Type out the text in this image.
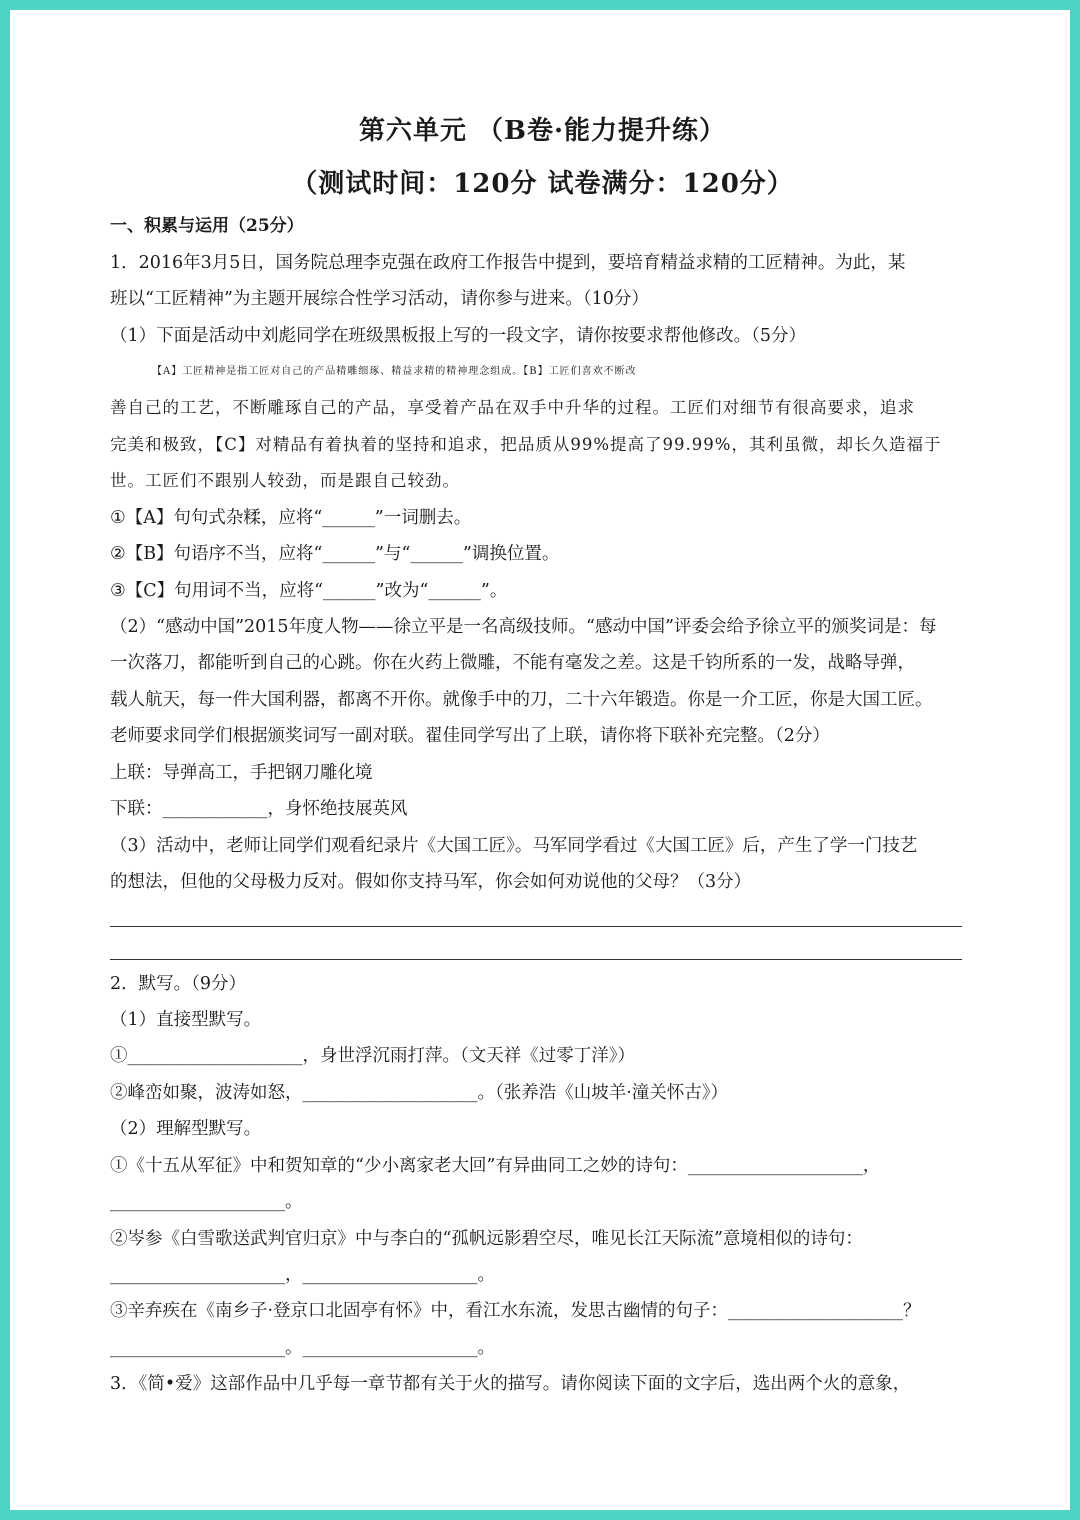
第六单元 （B卷·能力提升练）
（测试时间：120分 试卷满分：120分）
一、积累与运用（25分）
1．2016年3月5日，国务院总理李克强在政府工作报告中提到，要培育精益求精的工匠精神。为此，某
班以“工匠精神”为主题开展综合性学习活动，请你参与进来。（10分）
（1）下面是活动中刘彪同学在班级黑板报上写的一段文字，请你按要求帮他修改。（5分）
【A】工匠精神是指工匠对自己的产品精雕细琢、精益求精的精神理念组成。【B】工匠们喜欢不断改
善自己的工艺，不断雕琢自己的产品，享受着产品在双手中升华的过程。工匠们对细节有很高要求，追求
完美和极致，【C】对精品有着执着的坚持和追求，把品质从99%提高了99.99%，其利虽微，却长久造福于
世。工匠们不跟别人较劲，而是跟自己较劲。
①【A】句句式杂糅，应将“______”一词删去。
②【B】句语序不当，应将“______”与“______”调换位置。
③【C】句用词不当，应将“______”改为“______”。
（2）“感动中国”2015年度人物——徐立平是一名高级技师。“感动中国”评委会给予徐立平的颁奖词是：每
一次落刀，都能听到自己的心跳。你在火药上微雕，不能有毫发之差。这是千钧所系的一发，战略导弹，
载人航天，每一件大国利器，都离不开你。就像手中的刀，二十六年锻造。你是一介工匠，你是大国工匠。
老师要求同学们根据颁奖词写一副对联。翟佳同学写出了上联，请你将下联补充完整。（2分）
上联：导弹高工，手把钢刀雕化境
下联：____________，身怀绝技展英风
（3）活动中，老师让同学们观看纪录片《大国工匠》。马军同学看过《大国工匠》后，产生了学一门技艺
的想法，但他的父母极力反对。假如你支持马军，你会如何劝说他的父母？（3分）
2．默写。（9分）
（1）直接型默写。
①____________________，身世浮沉雨打萍。（文天祥《过零丁洋》）
②峰峦如聚，波涛如怒，____________________。（张养浩《山坡羊·潼关怀古》）
（2）理解型默写。
①《十五从军征》中和贺知章的“少小离家老大回”有异曲同工之妙的诗句：____________________，
____________________。
②岑参《白雪歌送武判官归京》中与李白的“孤帆远影碧空尽，唯见长江天际流”意境相似的诗句：
____________________，____________________。
③辛弃疾在《南乡子·登京口北固亭有怀》中，看江水东流，发思古幽情的句子：____________________？
____________________。____________________。
3．《简•爱》这部作品中几乎每一章节都有关于火的描写。请你阅读下面的文字后，选出两个火的意象，
